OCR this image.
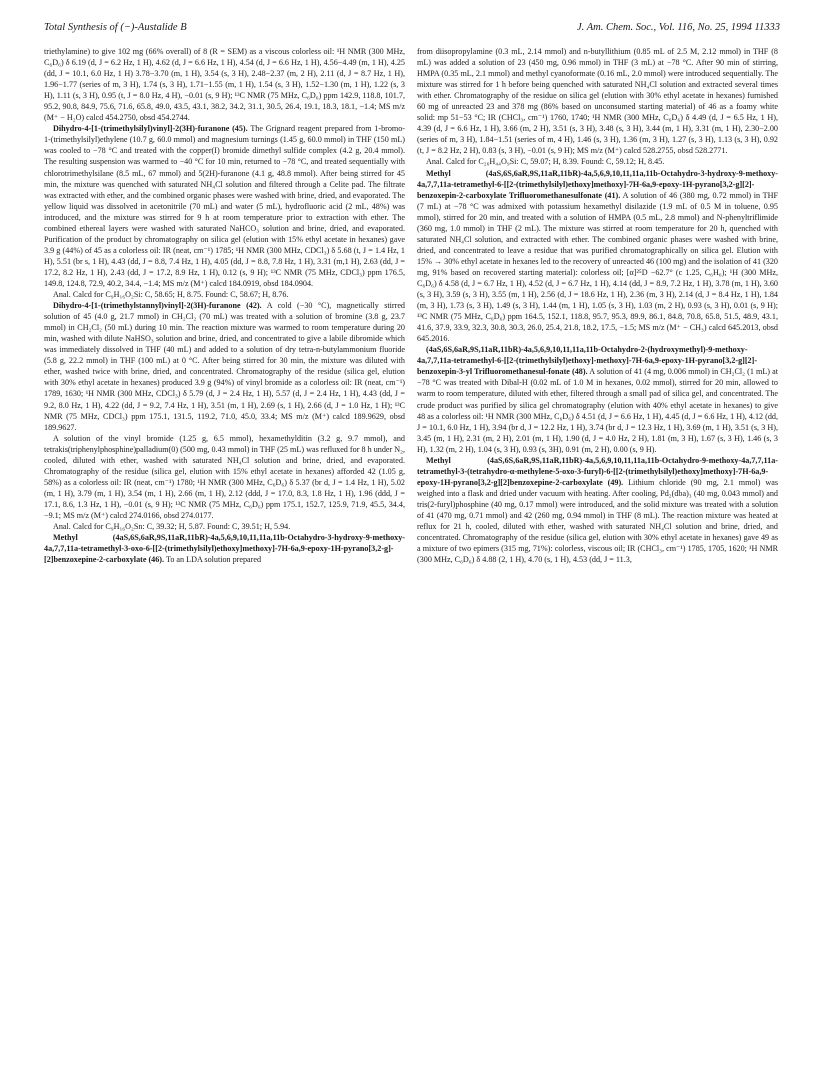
Total Synthesis of (−)-Austalide B	J. Am. Chem. Soc., Vol. 116, No. 25, 1994 11333

triethylamine) to give 102 mg (66% overall) of 8 (R = SEM) as a viscous colorless oil: ¹H NMR (300 MHz, C₆D₆) δ 6.19 (d, J = 6.2 Hz, 1 H), 4.62 (d, J = 6.6 Hz, 1 H), 4.54 (d, J = 6.6 Hz, 1 H), 4.56−4.49 (m, 1 H), 4.25 (dd, J = 10.1, 6.0 Hz, 1 H) 3.78−3.70 (m, 1 H), 3.54 (s, 3 H), 2.48−2.37 (m, 2 H), 2.11 (d, J = 8.7 Hz, 1 H), 1.96−1.77 (series of m, 3 H), 1.74 (s, 3 H), 1.71−1.55 (m, 1 H), 1.54 (s, 3 H), 1.52−1.30 (m, 1 H), 1.22 (s, 3 H), 1.11 (s, 3 H), 0.95 (t, J = 8.0 Hz, 4 H), −0.01 (s, 9 H); ¹³C NMR (75 MHz, C₆D₆) ppm 142.9, 118.8, 101.7, 95.2, 90.8, 84.9, 75.6, 71.6, 65.8, 49.0, 43.5, 43.1, 38.2, 34.2, 31.1, 30.5, 26.4, 19.1, 18.3, 18.1, −1.4; MS m/z (M⁺ − H₂O) calcd 454.2750, obsd 454.2744.

Dihydro-4-[1-(trimethylsilyl)vinyl]-2(3H)-furanone (45). The Grignard reagent prepared from 1-bromo-1-(trimethylsilyl)ethylene (10.7 g, 60.0 mmol) and magnesium turnings (1.45 g, 60.0 mmol) in THF (150 mL) was cooled to −78 °C and treated with the copper(I) bromide dimethyl sulfide complex (4.2 g, 20.4 mmol). The resulting suspension was warmed to −40 °C for 10 min, returned to −78 °C, and treated sequentially with chlorotrimethylsilane (8.5 mL, 67 mmol) and 5(2H)-furanone (4.1 g, 48.8 mmol). After being stirred for 45 min, the mixture was quenched with saturated NH₄Cl solution and filtered through a Celite pad. The filtrate was extracted with ether, and the combined organic phases were washed with brine, dried, and evaporated. The yellow liquid was dissolved in acetonitrile (70 mL) and water (5 mL), hydrofluoric acid (2 mL, 48%) was introduced, and the mixture was stirred for 9 h at room temperature prior to extraction with ether. The combined ethereal layers were washed with saturated NaHCO₃ solution and brine, dried, and evaporated. Purification of the product by chromatography on silica gel (elution with 15% ethyl acetate in hexanes) gave 3.9 g (44%) of 45 as a colorless oil: IR (neat, cm⁻¹) 1785; ¹H NMR (300 MHz, CDCl₃) δ 5.68 (t, J = 1.4 Hz, 1 H), 5.51 (br s, 1 H), 4.43 (dd, J = 8.8, 7.4 Hz, 1 H), 4.05 (dd, J = 8.8, 7.8 Hz, 1 H), 3.31 (m,1 H), 2.63 (dd, J = 17.2, 8.2 Hz, 1 H), 2.43 (dd, J = 17.2, 8.9 Hz, 1 H), 0.12 (s, 9 H); ¹³C NMR (75 MHz, CDCl₃) ppm 176.5, 149.8, 124.8, 72.9, 40.2, 34.4, −1.4; MS m/z (M⁺) calcd 184.0919, obsd 184.0904.

Anal. Calcd for C₉H₁₆O₂Si: C, 58.65; H, 8.75. Found: C, 58.67; H, 8.76.

Dihydro-4-[1-(trimethylstannyl)vinyl]-2(3H)-furanone (42). A cold (−30 °C), magnetically stirred solution of 45 (4.0 g, 21.7 mmol) in CH₂Cl₂ (70 mL) was treated with a solution of bromine (3.8 g, 23.7 mmol) in CH₂Cl₂ (50 mL) during 10 min. The reaction mixture was warmed to room temperature during 20 min, washed with dilute NaHSO₃ solution and brine, dried, and concentrated to give a labile dibromide which was immediately dissolved in THF (40 mL) and added to a solution of dry tetra-n-butylammonium fluoride (5.8 g, 22.2 mmol) in THF (100 mL) at 0 °C. After being stirred for 30 min, the mixture was diluted with ether, washed twice with brine, dried, and concentrated. Chromatography of the residue (silica gel, elution with 30% ethyl acetate in hexanes) produced 3.9 g (94%) of vinyl bromide as a colorless oil: IR (neat, cm⁻¹) 1789, 1630; ¹H NMR (300 MHz, CDCl₃) δ 5.79 (d, J = 2.4 Hz, 1 H), 5.57 (d, J = 2.4 Hz, 1 H), 4.43 (dd, J = 9.2, 8.0 Hz, 1 H), 4.22 (dd, J = 9.2, 7.4 Hz, 1 H), 3.51 (m, 1 H), 2.69 (s, 1 H), 2.66 (d, J = 1.0 Hz, 1 H); ¹³C NMR (75 MHz, CDCl₃) ppm 175.1, 131.5, 119.2, 71.0, 45.0, 33.4; MS m/z (M⁺) calcd 189.9629, obsd 189.9627.

A solution of the vinyl bromide (1.25 g, 6.5 mmol), hexamethylditin (3.2 g, 9.7 mmol), and tetrakis(triphenylphosphine)palladium(0) (500 mg, 0.43 mmol) in THF (25 mL) was refluxed for 8 h under N₂, cooled, diluted with ether, washed with saturated NH₄Cl solution and brine, dried, and evaporated. Chromatography of the residue (silica gel, elution with 15% ethyl acetate in hexanes) afforded 42 (1.05 g, 58%) as a colorless oil: IR (neat, cm⁻¹) 1780; ¹H NMR (300 MHz, C₆D₆) δ 5.37 (br d, J = 1.4 Hz, 1 H), 5.02 (m, 1 H), 3.79 (m, 1 H), 3.54 (m, 1 H), 2.66 (m, 1 H), 2.12 (ddd, J = 17.0, 8.3, 1.8 Hz, 1 H), 1.96 (ddd, J = 17.1, 8.6, 1.3 Hz, 1 H), −0.01 (s, 9 H); ¹³C NMR (75 MHz, C₆D₆) ppm 175.1, 152.7, 125.9, 71.9, 45.5, 34.4, −9.1; MS m/z (M⁺) calcd 274.0166, obsd 274.0177.

Anal. Calcd for C₉H₁₆O₂Sn: C, 39.32; H, 5.87. Found: C, 39.51; H, 5.94.

Methyl (4aS,6S,6aR,9S,11aR,11bR)-4a,5,6,9,10,11,11a,11b-Octahydro-3-hydroxy-9-methoxy-4a,7,7,11a-tetramethyl-3-oxo-6-[[2-(trimethylsilyl)ethoxy]methoxy]-7H-6a,9-epoxy-1H-pyrano[3,2-g]-[2]benzoxepine-2-carboxylate (46). To an LDA solution prepared

from diisopropylamine (0.3 mL, 2.14 mmol) and n-butyllithium (0.85 mL of 2.5 M, 2.12 mmol) in THF (8 mL) was added a solution of 23 (450 mg, 0.96 mmol) in THF (3 mL) at −78 °C. After 90 min of stirring, HMPA (0.35 mL, 2.1 mmol) and methyl cyanoformate (0.16 mL, 2.0 mmol) were introduced sequentially. The mixture was stirred for 1 h before being quenched with saturated NH₄Cl solution and extracted several times with ether. Chromatography of the residue on silica gel (elution with 30% ethyl acetate in hexanes) furnished 60 mg of unreacted 23 and 378 mg (86% based on unconsumed starting material) of 46 as a foamy white solid: mp 51−53 °C; IR (CHCl₃, cm⁻¹) 1760, 1740; ¹H NMR (300 MHz, C₆D₆) δ 4.49 (d, J = 6.5 Hz, 1 H), 4.39 (d, J = 6.6 Hz, 1 H), 3.66 (m, 2 H), 3.51 (s, 3 H), 3.48 (s, 3 H), 3.44 (m, 1 H), 3.31 (m, 1 H), 2.30−2.00 (series of m, 3 H), 1.84−1.51 (series of m, 4 H), 1.46 (s, 3 H), 1.36 (m, 3 H), 1.27 (s, 3 H), 1.13 (s, 3 H), 0.92 (t, J = 8.2 Hz, 2 H), 0.83 (s, 3 H), −0.01 (s, 9 H); MS m/z (M⁺) calcd 528.2755, obsd 528.2771.

Anal. Calcd for C₂₆H₄₄O₉Si: C, 59.07; H, 8.39. Found: C, 59.12; H, 8.45.

Methyl (4aS,6S,6aR,9S,11aR,11bR)-4a,5,6,9,10,11,11a,11b-Octahydro-3-hydroxy-9-methoxy-4a,7,7,11a-tetramethyl-6-[[2-(trimethylsilyl)ethoxy]methoxy]-7H-6a,9-epoxy-1H-pyrano[3,2-g][2]-benzoxepin-2-carboxylate Trifluoromethanesulfonate (41). A solution of 46 (380 mg, 0.72 mmol) in THF (7 mL) at −78 °C was admixed with potassium hexamethyl disilazide (1.9 mL of 0.5 M in toluene, 0.95 mmol), stirred for 20 min, and treated with a solution of HMPA (0.5 mL, 2.8 mmol) and N-phenyltriflimide (360 mg, 1.0 mmol) in THF (2 mL). The mixture was stirred at room temperature for 20 h, quenched with saturated NH₄Cl solution, and extracted with ether. The combined organic phases were washed with brine, dried, and concentrated to leave a residue that was purified chromatographically on silica gel. Elution with 15% → 30% ethyl acetate in hexanes led to the recovery of unreacted 46 (100 mg) and the isolation of 41 (320 mg, 91% based on recovered starting material): colorless oil; [α]²⁵D −62.7° (c 1.25, C₆H₆); ¹H (300 MHz, C₆D₆) δ 4.58 (d, J = 6.7 Hz, 1 H), 4.52 (d, J = 6.7 Hz, 1 H), 4.14 (dd, J = 8.9, 7.2 Hz, 1 H), 3.78 (m, 1 H), 3.60 (s, 3 H), 3.59 (s, 3 H), 3.55 (m, 1 H), 2.56 (d, J = 18.6 Hz, 1 H), 2.36 (m, 3 H), 2.14 (d, J = 8.4 Hz, 1 H), 1.84 (m, 3 H), 1.73 (s, 3 H), 1.49 (s, 3 H), 1.44 (m, 1 H), 1.05 (s, 3 H), 1.03 (m, 2 H), 0.93 (s, 3 H), 0.01 (s, 9 H); ¹³C NMR (75 MHz, C₆D₆) ppm 164.5, 152.1, 118.8, 95.7, 95.3, 89.9, 86.1, 84.8, 70.8, 65.8, 51.5, 48.9, 43.1, 41.6, 37.9, 33.9, 32.3, 30.8, 30.3, 26.0, 25.4, 21.8, 18.2, 17.5, −1.5; MS m/z (M⁺ − CH₃) calcd 645.2013, obsd 645.2016.

(4aS,6S,6aR,9S,11aR,11bR)-4a,5,6,9,10,11,11a,11b-Octahydro-2-(hydroxymethyl)-9-methoxy-4a,7,7,11a-tetramethyl-6-[[2-(trimethylsilyl)ethoxy]-methoxy]-7H-6a,9-epoxy-1H-pyrano[3,2-g][2]-benzoxepin-3-yl Trifluoromethanesul-fonate (48). A solution of 41 (4 mg, 0.006 mmol) in CH₂Cl₂ (1 mL) at −78 °C was treated with Dibal-H (0.02 mL of 1.0 M in hexanes, 0.02 mmol), stirred for 20 min, allowed to warm to room temperature, diluted with ether, filtered through a small pad of silica gel, and concentrated. The crude product was purified by silica gel chromatography (elution with 40% ethyl acetate in hexanes) to give 48 as a colorless oil: ¹H NMR (300 MHz, C₆D₆) δ 4.51 (d, J = 6.6 Hz, 1 H), 4.45 (d, J = 6.6 Hz, 1 H), 4.12 (dd, J = 10.1, 6.0 Hz, 1 H), 3.94 (br d, J = 12.2 Hz, 1 H), 3.74 (br d, J = 12.3 Hz, 1 H), 3.69 (m, 1 H), 3.51 (s, 3 H), 3.45 (m, 1 H), 2.31 (m, 2 H), 2.01 (m, 1 H), 1.90 (d, J = 4.0 Hz, 2 H), 1.81 (m, 3 H), 1.67 (s, 3 H), 1.46 (s, 3 H), 1.32 (m, 2 H), 1.04 (s, 3 H), 0.93 (s, 3H), 0.91 (m, 2 H), 0.00 (s, 9 H).

Methyl (4aS,6S,6aR,9S,11aR,11bR)-4a,5,6,9,10,11,11a,11b-Octahydro-9-methoxy-4a,7,7,11a-tetramethyl-3-(tetrahydro-α-methylene-5-oxo-3-furyl)-6-[[2-(trimethylsilyl)ethoxy]methoxy]-7H-6a,9-epoxy-1H-pyrano[3,2-g][2]benzoxepine-2-carboxylate (49). Lithium chloride (90 mg, 2.1 mmol) was weighed into a flask and dried under vacuum with heating. After cooling, Pd₂(dba)₃ (40 mg, 0.043 mmol) and tris(2-furyl)phosphine (40 mg, 0.17 mmol) were introduced, and the solid mixture was treated with a solution of 41 (470 mg, 0.71 mmol) and 42 (260 mg, 0.94 mmol) in THF (8 mL). The reaction mixture was heated at reflux for 21 h, cooled, diluted with ether, washed with saturated NH₄Cl solution and brine, dried, and concentrated. Chromatography of the residue (silica gel, elution with 30% ethyl acetate in hexanes) gave 49 as a mixture of two epimers (315 mg, 71%): colorless, viscous oil; IR (CHCl₃, cm⁻¹) 1785, 1705, 1620; ¹H NMR (300 MHz, C₆D₆) δ 4.88 (2, 1 H), 4.70 (s, 1 H), 4.53 (dd, J = 11.3,
